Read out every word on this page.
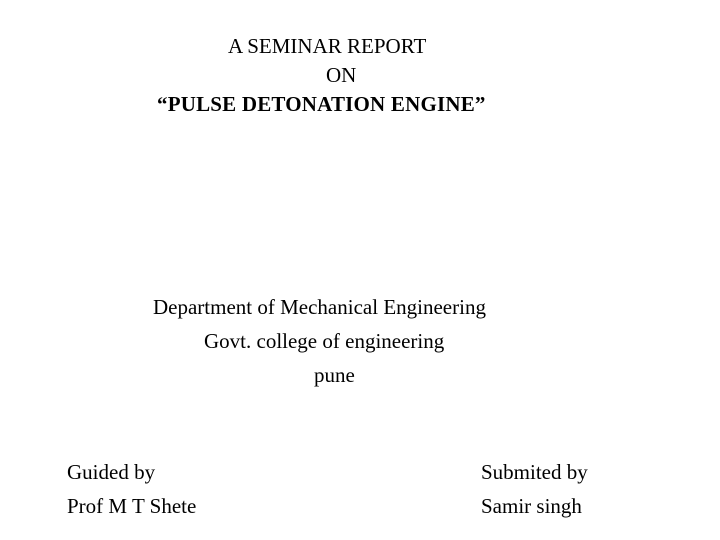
A SEMINAR REPORT
ON
“PULSE DETONATION ENGINE”
Department of Mechanical Engineering
Govt. college of engineering
pune
Guided by
Prof M T Shete
Submited by
Samir singh
